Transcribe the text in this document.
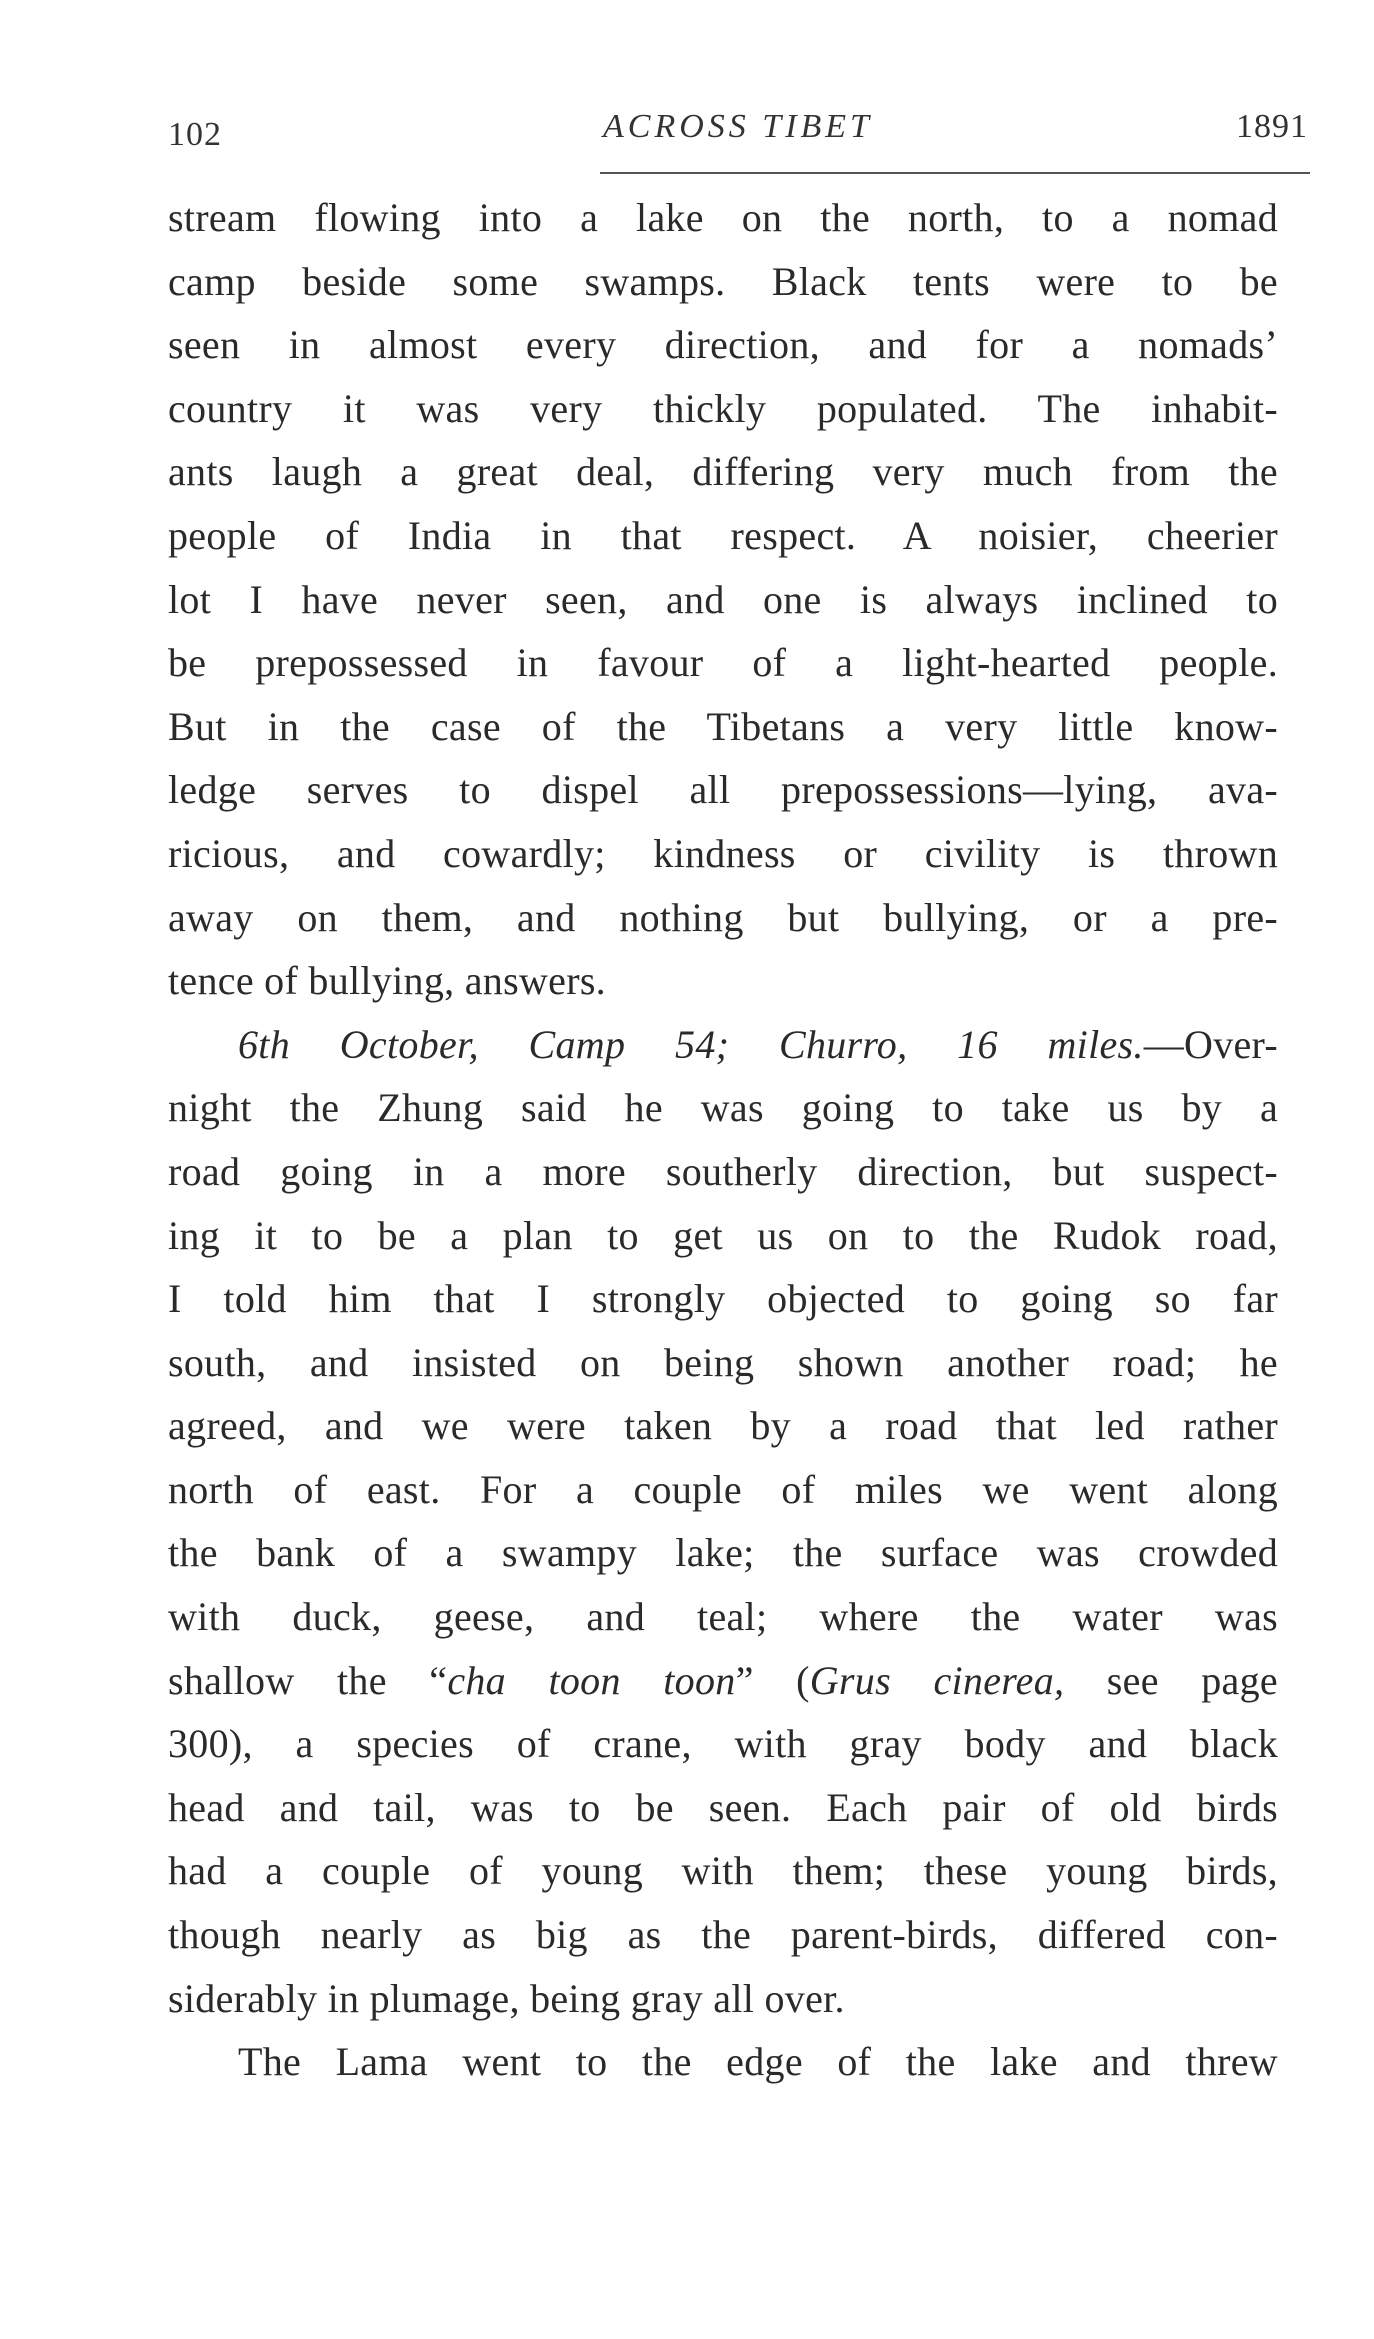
102	ACROSS TIBET	1891
stream flowing into a lake on the north, to a nomad
camp beside some swamps. Black tents were to be
seen in almost every direction, and for a nomads’
country it was very thickly populated. The inhabit-
ants laugh a great deal, differing very much from the
people of India in that respect. A noisier, cheerier
lot I have never seen, and one is always inclined to
be prepossessed in favour of a light-hearted people.
But in the case of the Tibetans a very little know-
ledge serves to dispel all prepossessions—lying, ava-
ricious, and cowardly; kindness or civility is thrown
away on them, and nothing but bullying, or a pre-
tence of bullying, answers.
6th October, Camp 54; Churro, 16 miles.—Over-
night the Zhung said he was going to take us by a
road going in a more southerly direction, but suspect-
ing it to be a plan to get us on to the Rudok road,
I told him that I strongly objected to going so far
south, and insisted on being shown another road; he
agreed, and we were taken by a road that led rather
north of east. For a couple of miles we went along
the bank of a swampy lake; the surface was crowded
with duck, geese, and teal; where the water was
shallow the “cha toon toon” (Grus cinerea, see page
300), a species of crane, with gray body and black
head and tail, was to be seen. Each pair of old birds
had a couple of young with them; these young birds,
though nearly as big as the parent-birds, differed con-
siderably in plumage, being gray all over.
The Lama went to the edge of the lake and threw
